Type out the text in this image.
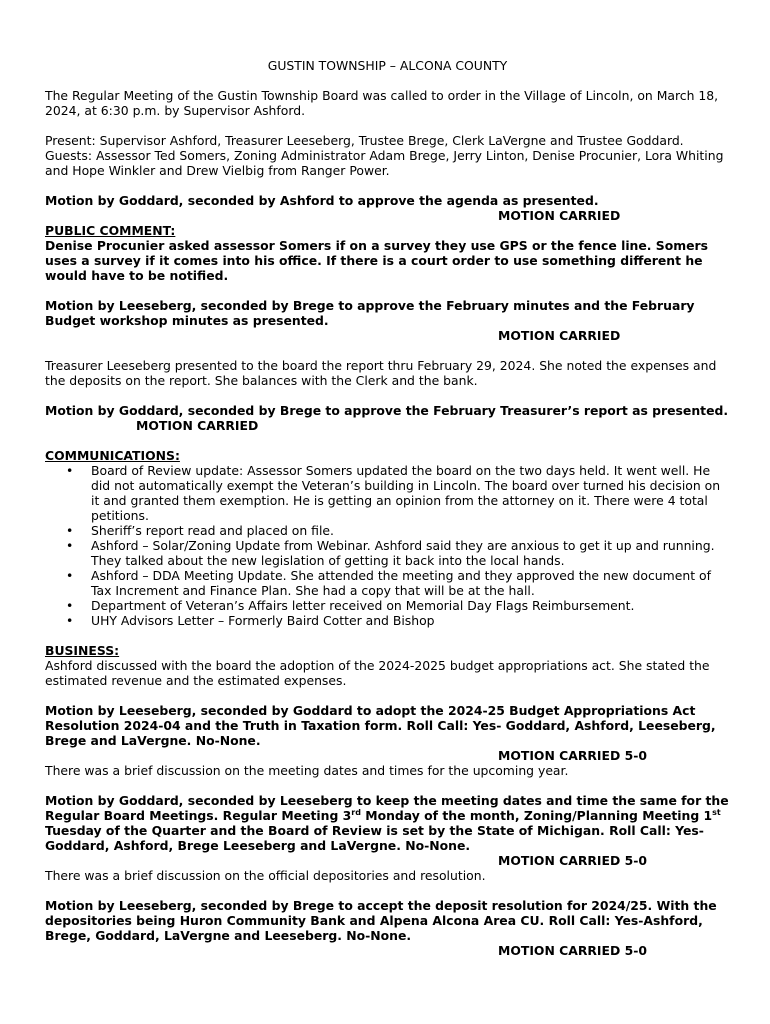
GUSTIN TOWNSHIP – ALCONA COUNTY

The Regular Meeting of the Gustin Township Board was called to order in the Village of Lincoln, on March 18, 2024, at 6:30 p.m. by Supervisor Ashford.

Present: Supervisor Ashford, Treasurer Leeseberg, Trustee Brege, Clerk LaVergne and Trustee Goddard.

Guests: Assessor Ted Somers, Zoning Administrator Adam Brege, Jerry Linton, Denise Procunier, Lora Whiting and Hope Winkler and Drew Vielbig from Ranger Power.

Motion by Goddard, seconded by Ashford to approve the agenda as presented.

MOTION CARRIED

PUBLIC COMMENT:

Denise Procunier asked assessor Somers if on a survey they use GPS or the fence line. Somers uses a survey if it comes into his office. If there is a court order to use something different he would have to be notified.

Motion by Leeseberg, seconded by Brege to approve the February minutes and the February Budget workshop minutes as presented.

MOTION CARRIED

Treasurer Leeseberg presented to the board the report thru February 29, 2024. She noted the expenses and the deposits on the report. She balances with the Clerk and the bank.

Motion by Goddard, seconded by Brege to approve the February Treasurer’s report as presented.

MOTION CARRIED

COMMUNICATIONS:

• Board of Review update: Assessor Somers updated the board on the two days held. It went well. He did not automatically exempt the Veteran’s building in Lincoln. The board over turned his decision on it and granted them exemption. He is getting an opinion from the attorney on it. There were 4 total petitions.
• Sheriff’s report read and placed on file.
• Ashford – Solar/Zoning Update from Webinar. Ashford said they are anxious to get it up and running. They talked about the new legislation of getting it back into the local hands.
• Ashford – DDA Meeting Update. She attended the meeting and they approved the new document of Tax Increment and Finance Plan. She had a copy that will be at the hall.
• Department of Veteran’s Affairs letter received on Memorial Day Flags Reimbursement.
• UHY Advisors Letter – Formerly Baird Cotter and Bishop

BUSINESS:

Ashford discussed with the board the adoption of the 2024-2025 budget appropriations act. She stated the estimated revenue and the estimated expenses.

Motion by Leeseberg, seconded by Goddard to adopt the 2024-25 Budget Appropriations Act Resolution 2024-04 and the Truth in Taxation form. Roll Call: Yes- Goddard, Ashford, Leeseberg, Brege and LaVergne. No-None.

MOTION CARRIED 5-0

There was a brief discussion on the meeting dates and times for the upcoming year.

Motion by Goddard, seconded by Leeseberg to keep the meeting dates and time the same for the Regular Board Meetings. Regular Meeting 3rd Monday of the month, Zoning/Planning Meeting 1st Tuesday of the Quarter and the Board of Review is set by the State of Michigan. Roll Call: Yes-Goddard, Ashford, Brege Leeseberg and LaVergne. No-None.

MOTION CARRIED 5-0

There was a brief discussion on the official depositories and resolution.

Motion by Leeseberg, seconded by Brege to accept the deposit resolution for 2024/25. With the depositories being Huron Community Bank and Alpena Alcona Area CU. Roll Call: Yes-Ashford, Brege, Goddard, LaVergne and Leeseberg. No-None.

MOTION CARRIED 5-0
